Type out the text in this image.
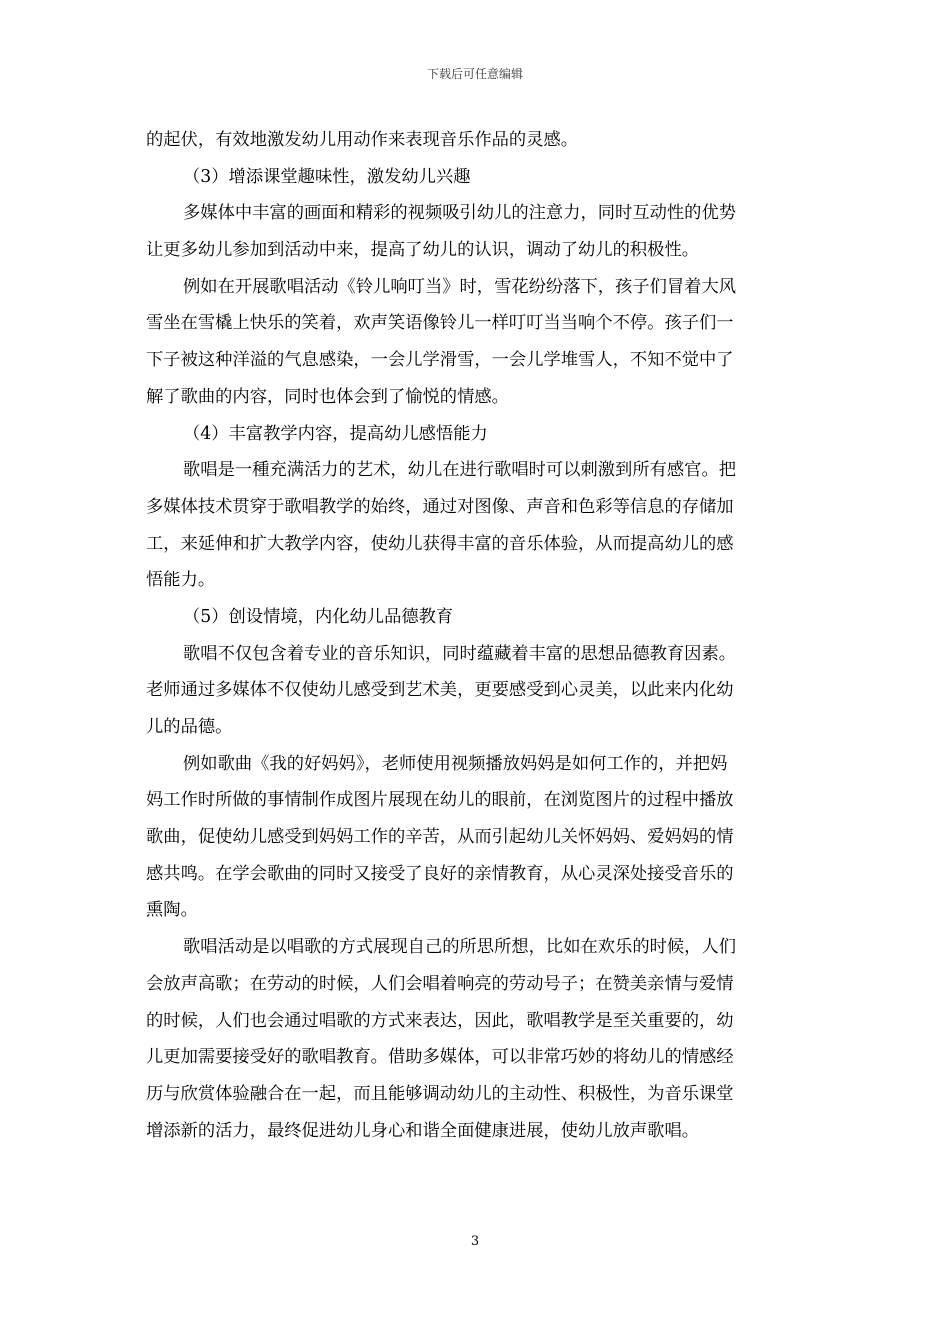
下载后可任意编辑
的起伏，有效地激发幼儿用动作来表现音乐作品的灵感。
（3）增添课堂趣味性，激发幼儿兴趣
多媒体中丰富的画面和精彩的视频吸引幼儿的注意力，同时互动性的优势
让更多幼儿参加到活动中来，提高了幼儿的认识，调动了幼儿的积极性。
例如在开展歌唱活动《铃儿响叮当》时，雪花纷纷落下，孩子们冒着大风
雪坐在雪橇上快乐的笑着，欢声笑语像铃儿一样叮叮当当响个不停。孩子们一
下子被这种洋溢的气息感染，一会儿学滑雪，一会儿学堆雪人，不知不觉中了
解了歌曲的内容，同时也体会到了愉悦的情感。
（4）丰富教学内容，提高幼儿感悟能力
歌唱是一種充满活力的艺术，幼儿在进行歌唱时可以刺激到所有感官。把
多媒体技术贯穿于歌唱教学的始终，通过对图像、声音和色彩等信息的存储加
工，来延伸和扩大教学内容，使幼儿获得丰富的音乐体验，从而提高幼儿的感
悟能力。
（5）创设情境，内化幼儿品德教育
歌唱不仅包含着专业的音乐知识，同时蕴藏着丰富的思想品德教育因素。
老师通过多媒体不仅使幼儿感受到艺术美，更要感受到心灵美，以此来内化幼
儿的品德。
例如歌曲《我的好妈妈》，老师使用视频播放妈妈是如何工作的，并把妈
妈工作时所做的事情制作成图片展现在幼儿的眼前，在浏览图片的过程中播放
歌曲，促使幼儿感受到妈妈工作的辛苦，从而引起幼儿关怀妈妈、爱妈妈的情
感共鸣。在学会歌曲的同时又接受了良好的亲情教育，从心灵深处接受音乐的
熏陶。
歌唱活动是以唱歌的方式展现自己的所思所想，比如在欢乐的时候，人们
会放声高歌；在劳动的时候，人们会唱着响亮的劳动号子；在赞美亲情与爱情
的时候，人们也会通过唱歌的方式来表达，因此，歌唱教学是至关重要的，幼
儿更加需要接受好的歌唱教育。借助多媒体，可以非常巧妙的将幼儿的情感经
历与欣赏体验融合在一起，而且能够调动幼儿的主动性、积极性，为音乐课堂
增添新的活力，最终促进幼儿身心和谐全面健康进展，使幼儿放声歌唱。
3
